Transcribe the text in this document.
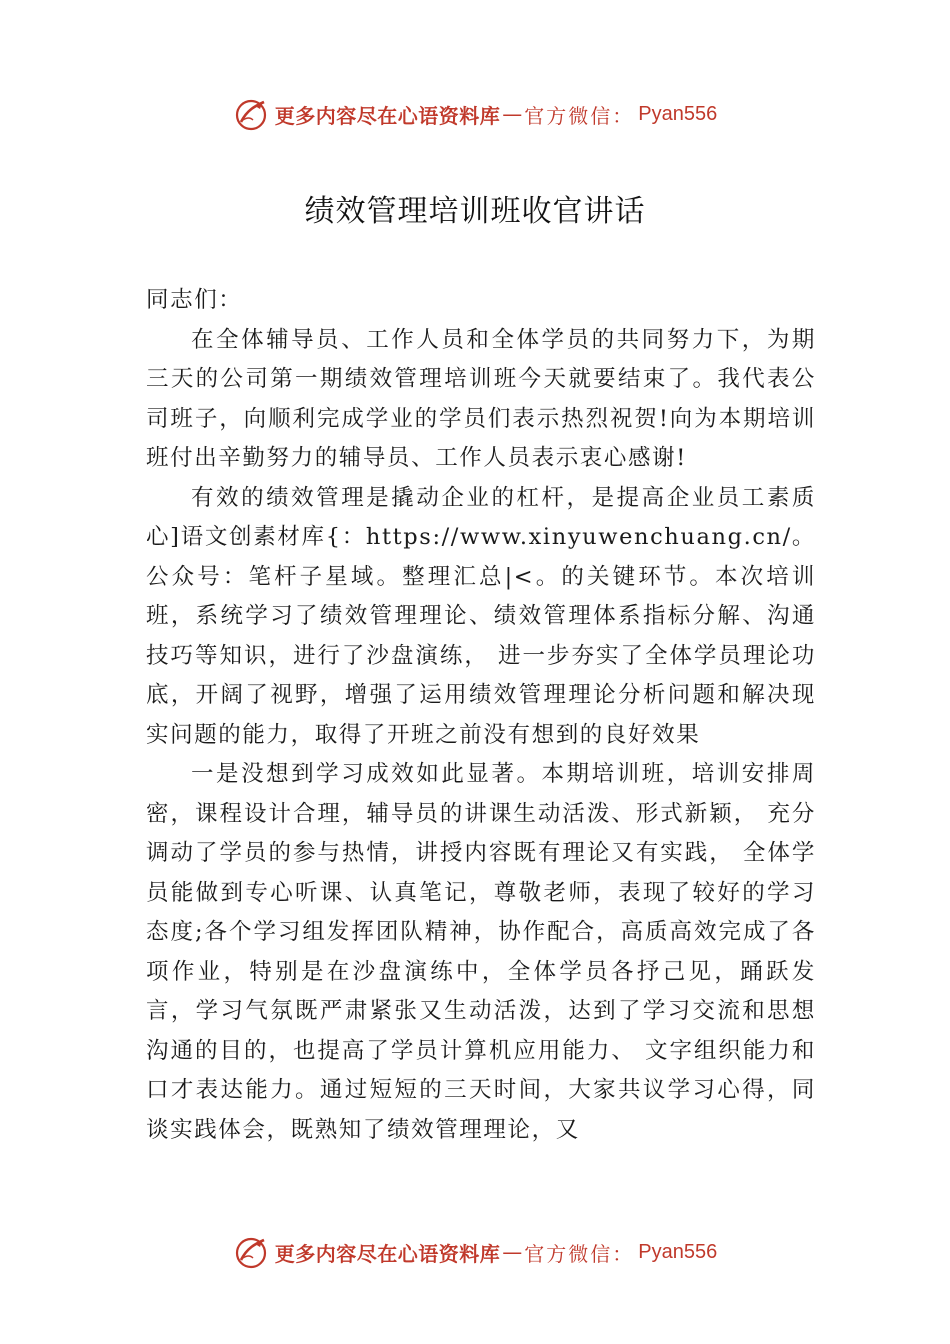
更多内容尽在心语资料库 — 官方微信： Pyan556
绩效管理培训班收官讲话

同志们：

在全体辅导员、工作人员和全体学员的共同努力下，为期三天的公司第一期绩效管理培训班今天就要结束了。我代表公司班子，向顺利完成学业的学员们表示热烈祝贺!向为本期培训班付出辛勤努力的辅导员、工作人员表示衷心感谢!

有效的绩效管理是撬动企业的杠杆，是提高企业员工素质心]语文创素材库{：https://www.xinyuwenchuang.cn/。公众号：笔杆子星域。整理汇总|<。的关键环节。本次培训班，系统学习了绩效管理理论、绩效管理体系指标分解、沟通技巧等知识，进行了沙盘演练， 进一步夯实了全体学员理论功底，开阔了视野，增强了运用绩效管理理论分析问题和解决现实问题的能力，取得了开班之前没有想到的良好效果

一是没想到学习成效如此显著。本期培训班，培训安排周密，课程设计合理，辅导员的讲课生动活泼、形式新颖， 充分调动了学员的参与热情，讲授内容既有理论又有实践， 全体学员能做到专心听课、认真笔记，尊敬老师，表现了较好的学习态度;各个学习组发挥团队精神，协作配合，高质高效完成了各项作业，特别是在沙盘演练中，全体学员各抒己见，踊跃发言，学习气氛既严肃紧张又生动活泼，达到了学习交流和思想沟通的目的，也提高了学员计算机应用能力、 文字组织能力和口才表达能力。通过短短的三天时间，大家共议学习心得，同谈实践体会，既熟知了绩效管理理论，又

更多内容尽在心语资料库 — 官方微信： Pyan556
